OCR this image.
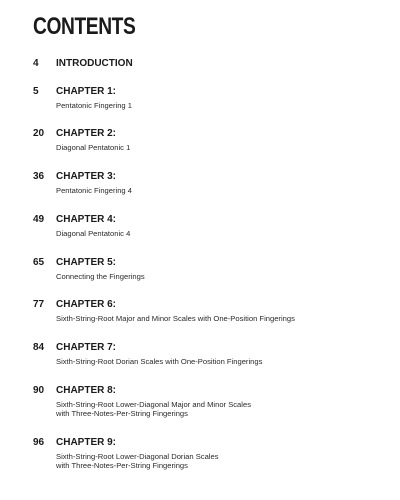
CONTENTS
4 INTRODUCTION
5 CHAPTER 1:
Pentatonic Fingering 1
20 CHAPTER 2:
Diagonal Pentatonic 1
36 CHAPTER 3:
Pentatonic Fingering 4
49 CHAPTER 4:
Diagonal Pentatonic 4
65 CHAPTER 5:
Connecting the Fingerings
77 CHAPTER 6:
Sixth-String-Root Major and Minor Scales with One-Position Fingerings
84 CHAPTER 7:
Sixth-String-Root Dorian Scales with One-Position Fingerings
90 CHAPTER 8:
Sixth-String-Root Lower-Diagonal Major and Minor Scales
with Three-Notes-Per-String Fingerings
96 CHAPTER 9:
Sixth-String-Root Lower-Diagonal Dorian Scales
with Three-Notes-Per-String Fingerings
